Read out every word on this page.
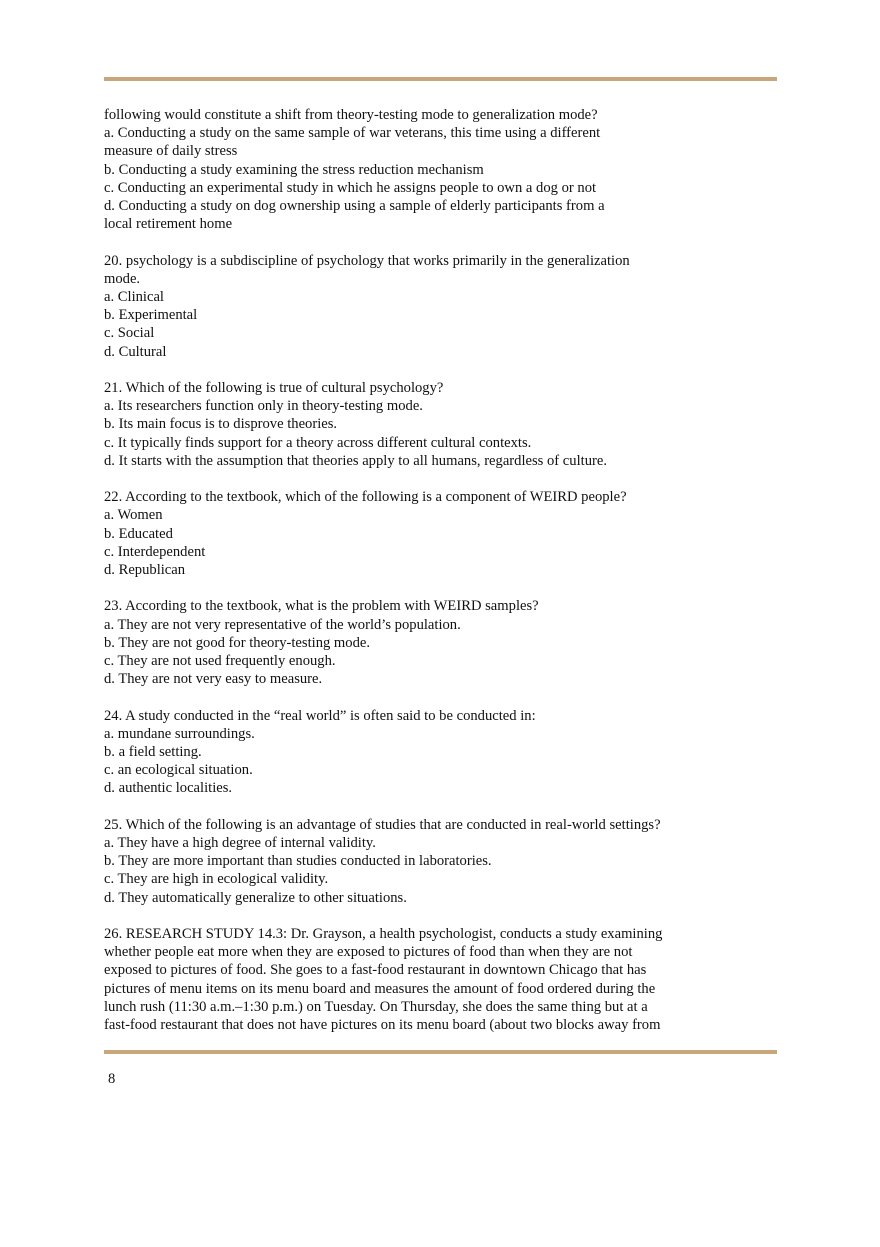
following would constitute a shift from theory-testing mode to generalization mode?
a. Conducting a study on the same sample of war veterans, this time using a different
measure of daily stress
b. Conducting a study examining the stress reduction mechanism
c. Conducting an experimental study in which he assigns people to own a dog or not
d. Conducting a study on dog ownership using a sample of elderly participants from a
local retirement home
20. psychology is a subdiscipline of psychology that works primarily in the generalization
mode.
a. Clinical
b. Experimental
c. Social
d. Cultural
21. Which of the following is true of cultural psychology?
a. Its researchers function only in theory-testing mode.
b. Its main focus is to disprove theories.
c. It typically finds support for a theory across different cultural contexts.
d. It starts with the assumption that theories apply to all humans, regardless of culture.
22. According to the textbook, which of the following is a component of WEIRD people?
a. Women
b. Educated
c. Interdependent
d. Republican
23. According to the textbook, what is the problem with WEIRD samples?
a. They are not very representative of the world’s population.
b. They are not good for theory-testing mode.
c. They are not used frequently enough.
d. They are not very easy to measure.
24. A study conducted in the “real world” is often said to be conducted in:
a. mundane surroundings.
b. a field setting.
c. an ecological situation.
d. authentic localities.
25. Which of the following is an advantage of studies that are conducted in real-world settings?
a. They have a high degree of internal validity.
b. They are more important than studies conducted in laboratories.
c. They are high in ecological validity.
d. They automatically generalize to other situations.
26. RESEARCH STUDY 14.3: Dr. Grayson, a health psychologist, conducts a study examining
whether people eat more when they are exposed to pictures of food than when they are not
exposed to pictures of food. She goes to a fast-food restaurant in downtown Chicago that has
pictures of menu items on its menu board and measures the amount of food ordered during the
lunch rush (11:30 a.m.–1:30 p.m.) on Tuesday. On Thursday, she does the same thing but at a
fast-food restaurant that does not have pictures on its menu board (about two blocks away from
8
